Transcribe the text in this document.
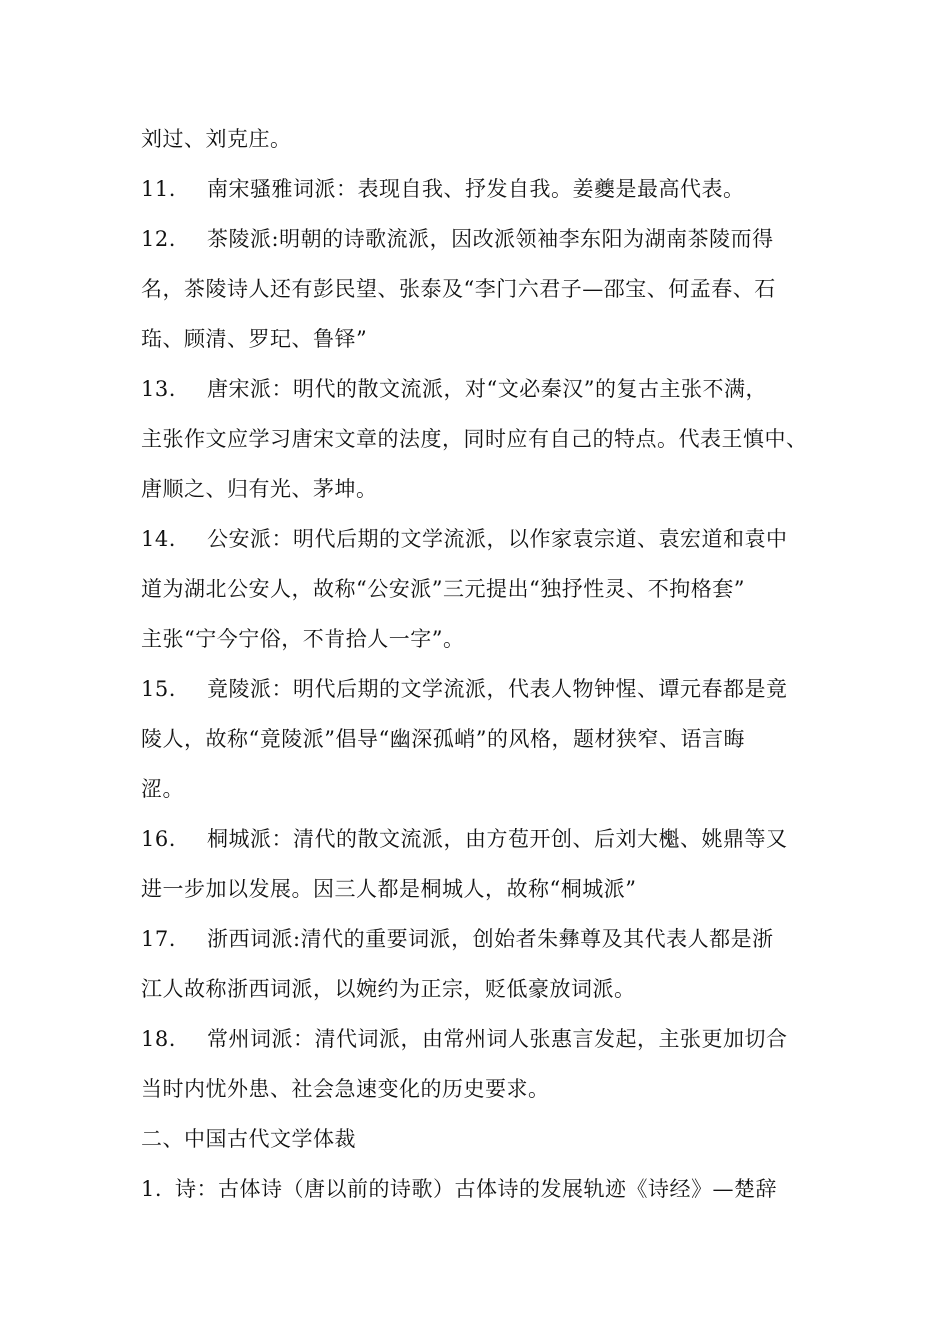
刘过、刘克庄。
11. 南宋骚雅词派：表现自我、抒发自我。姜夔是最高代表。
12. 茶陵派:明朝的诗歌流派，因改派领袖李东阳为湖南茶陵而得
名，茶陵诗人还有彭民望、张泰及“李门六君子—邵宝、何孟春、石
珤、顾清、罗玘、鲁铎”
13. 唐宋派：明代的散文流派，对“文必秦汉”的复古主张不满，
主张作文应学习唐宋文章的法度，同时应有自己的特点。代表王慎中、
唐顺之、归有光、茅坤。
14. 公安派：明代后期的文学流派，以作家袁宗道、袁宏道和袁中
道为湖北公安人，故称“公安派”三元提出“独抒性灵、不拘格套”
主张“宁今宁俗，不肯拾人一字”。
15. 竟陵派：明代后期的文学流派，代表人物钟惺、谭元春都是竟
陵人，故称“竟陵派”倡导“幽深孤峭”的风格，题材狭窄、语言晦
涩。
16. 桐城派：清代的散文流派，由方苞开创、后刘大櫆、姚鼎等又
进一步加以发展。因三人都是桐城人，故称“桐城派”
17. 浙西词派:清代的重要词派，创始者朱彝尊及其代表人都是浙
江人故称浙西词派，以婉约为正宗，贬低豪放词派。
18. 常州词派：清代词派，由常州词人张惠言发起，主张更加切合
当时内忧外患、社会急速变化的历史要求。
二、中国古代文学体裁
1. 诗：古体诗（唐以前的诗歌）古体诗的发展轨迹《诗经》—楚辞
